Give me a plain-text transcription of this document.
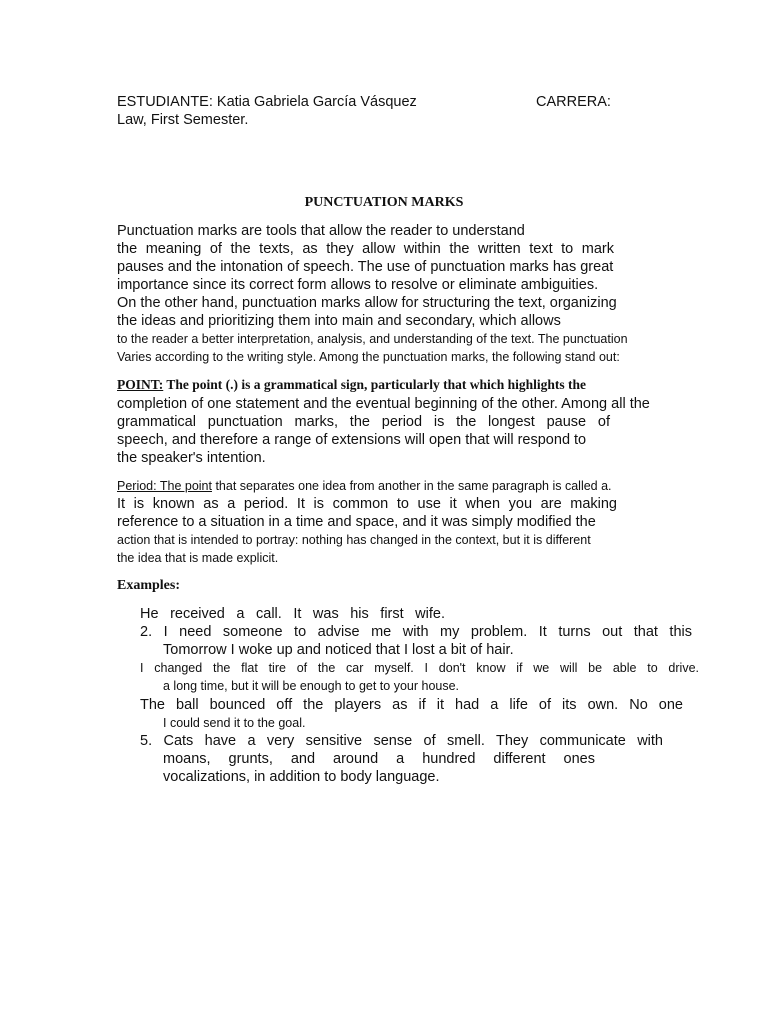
ESTUDIANTE: Katia Gabriela García Vásquez	CARRERA:
Law, First Semester.
PUNCTUATION MARKS
Punctuation marks are tools that allow the reader to understand
the meaning of the texts, as they allow within the written text to mark
pauses and the intonation of speech. The use of punctuation marks has great
importance since its correct form allows to resolve or eliminate ambiguities.
On the other hand, punctuation marks allow for structuring the text, organizing
the ideas and prioritizing them into main and secondary, which allows
to the reader a better interpretation, analysis, and understanding of the text. The punctuation
Varies according to the writing style. Among the punctuation marks, the following stand out:
POINT: The point (.) is a grammatical sign, particularly that which highlights the
completion of one statement and the eventual beginning of the other. Among all the
grammatical punctuation marks, the period is the longest pause of
speech, and therefore a range of extensions will open that will respond to
the speaker's intention.
Period: The point that separates one idea from another in the same paragraph is called a.
It is known as a period. It is common to use it when you are making
reference to a situation in a time and space, and it was simply modified the
action that is intended to portray: nothing has changed in the context, but it is different
the idea that is made explicit.
Examples:
He received a call. It was his first wife.
2. I need someone to advise me with my problem. It turns out that this
Tomorrow I woke up and noticed that I lost a bit of hair.
I changed the flat tire of the car myself. I don't know if we will be able to drive.
a long time, but it will be enough to get to your house.
The ball bounced off the players as if it had a life of its own. No one
I could send it to the goal.
5. Cats have a very sensitive sense of smell. They communicate with
moans, grunts, and around a hundred different ones
vocalizations, in addition to body language.
